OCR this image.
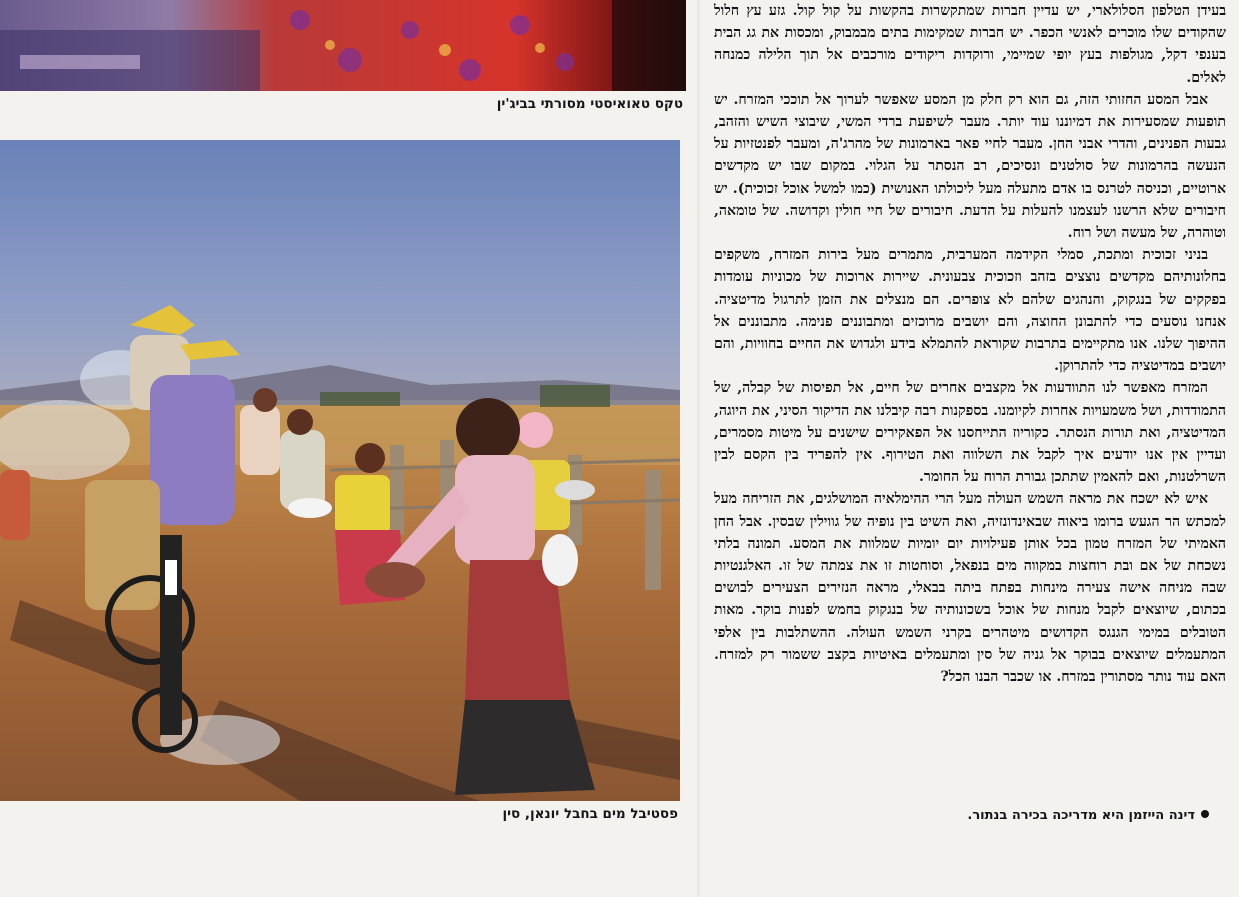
טקס טאואיסטי מסורתי בביג'ין
פסטיבל מים בחבל יונאן, סין

בעידן הטלפון הסלולארי, יש עדיין חברות שמתקשרות בהקשות על קול קול. גזע עץ חלול שהקודים שלו מוכרים לאנשי הכפר. יש חברות שמקימות בתים מבמבוק, ומכסות את גג הבית בענפי דקל, מגולפות בעץ יופי שמיימי, ורוקדות ריקודים מורכבים אל תוך הלילה כמנחה לאלים.

אבל המסע החזותי הזה, גם הוא רק חלק מן המסע שאפשר לערוך אל תוככי המזרח. יש תופעות שמסעירות את דמיוננו עוד יותר. מעבר לשיפעת ברדי המשי, שיבוצי השיש והזהב, גבעות הפנינים, והדרי אבני החן. מעבר לחיי פאר בארמונות של מהרג'ה, ומעבר לפנטזיות על הנעשה בהרמונות של סולטנים ונסיכים, רב הנסתר על הגלוי. במקום שבו יש מקדשים ארוטיים, וכניסה לטרנס בו אדם מתעלה מעל ליכולתו האנושית (כמו למשל אוכל זכוכית). יש חיבורים שלא הרשנו לעצמנו להעלות על הדעת. חיבורים של חיי חולין וקדושה. של טומאה, וטוהרה, של מעשה ושל רוח.

בניני זכוכית ומתכת, סמלי הקידמה המערבית, מתמרים מעל בירות המזרח, משקפים בחלונותיהם מקדשים נוצצים בזהב וזכוכית צבעונית. שיירות ארוכות של מכוניות עומדות בפקקים של בנגקוק, והנהגים שלהם לא צופרים. הם מנצלים את הזמן לתרגול מדיטציה. אנחנו נוסעים כדי להתבונן החוצה, והם יושבים מרוכזים ומתבוננים פנימה. מתבוננים אל ההיפוך שלנו. אנו מתקיימים בתרבות שקוראת להתמלא בידע ולגדוש את החיים בחוויות, והם יושבים במדיטציה כדי להתרוקן.

המזרח מאפשר לנו התוודעות אל מקצבים אחרים של חיים, אל תפיסות של קבלה, של התמודדות, ושל משמעויות אחרות לקיומנו. בספקנות רבה קיבלנו את הדיקור הסיני, את היוגה, המדיטציה, ואת תורות הנסתר. כקוריוז התייחסנו אל הפאקירים שישנים על מיטות מסמרים, ועדיין אין אנו יודעים איך לקבל את השלווה ואת הטירוף. אין להפריד בין הקסם לבין השרלטנות, ואם להאמין שתתכן גבורת הרוח על החומר.

איש לא ישכח את מראה השמש העולה מעל הרי ההימלאיה המושלגים, את הזריחה מעל למכתש הר הגעש ברומו ביאוה שבאינדונזיה, ואת השיט בין נופיה של גווילין שבסין. אבל החן האמיתי של המזרח טמון בכל אותן פעילויות יום יומיות שמלוות את המסע. תמונה בלתי נשכחת של אם ובת רוחצות במקווה מים בנפאל, וסוחטות זו את צמתה של זו. האלגנטיות שבה מניחה אישה צעירה מינחות בפתח ביתה בבאלי, מראה הנזירים הצעירים לבושים בכתום, שיוצאים לקבל מנחות של אוכל בשכונותיה של בנגקוק בחמש לפנות בוקר. מאות הטובלים במימי הגנגס הקדושים מיטהרים בקרני השמש העולה. ההשתלבות בין אלפי המתעמלים שיוצאים בבוקר אל גניה של סין ומתעמלים באיטיות בקצב ששמור רק למזרח. האם עוד נותר מסתורין במזרח. או שכבר הבנו הכל?

דינה הייזמן היא מדריכה בכירה בנתור.
